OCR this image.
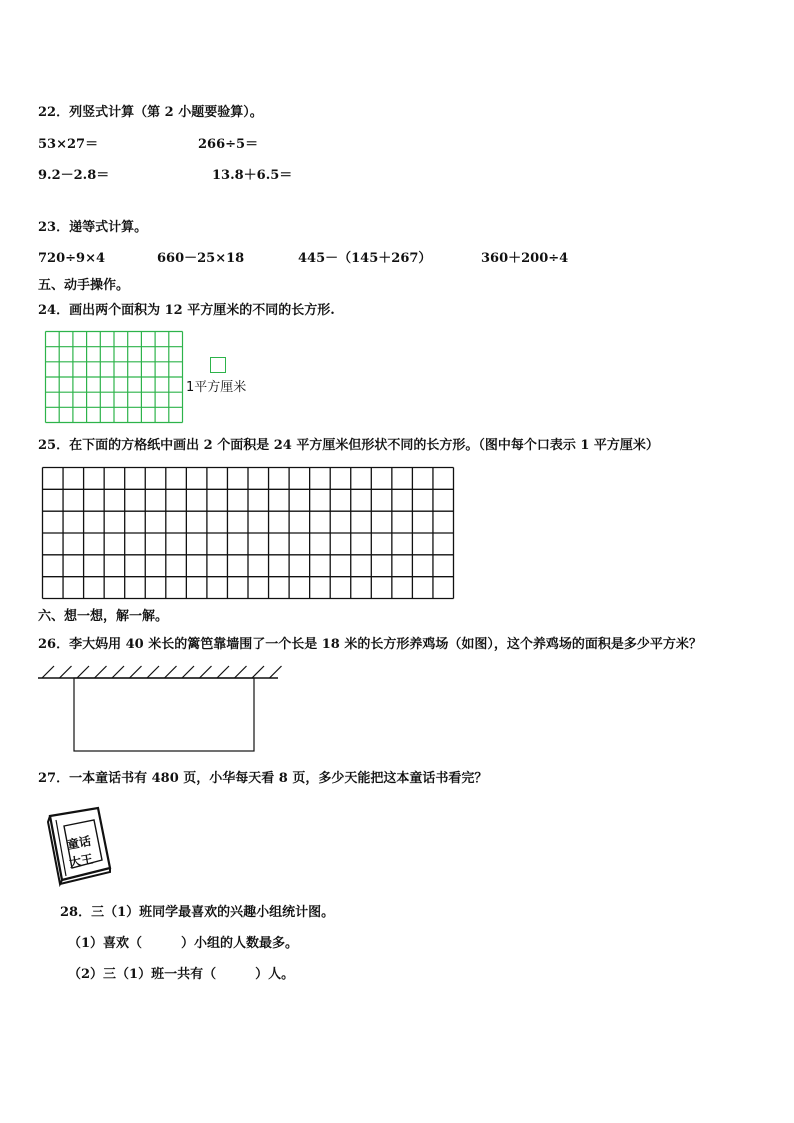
22．列竖式计算（第 2 小题要验算）。
53×27＝	266÷5＝
9.2－2.8＝	13.8＋6.5＝
23．递等式计算。
720÷9×4	660－25×18	445－（145＋267）	360＋200÷4
五、动手操作。
24．画出两个面积为 12 平方厘米的不同的长方形.
1平方厘米
25．在下面的方格纸中画出 2 个面积是 24 平方厘米但形状不同的长方形。（图中每个口表示 1 平方厘米）
六、想一想，解一解。
26．李大妈用 40 米长的篱笆靠墙围了一个长是 18 米的长方形养鸡场（如图），这个养鸡场的面积是多少平方米？
27．一本童话书有 480 页，小华每天看 8 页，多少天能把这本童话书看完？
童话
大王
28．三（1）班同学最喜欢的兴趣小组统计图。
（1）喜欢（　　　）小组的人数最多。
（2）三（1）班一共有（　　　）人。
